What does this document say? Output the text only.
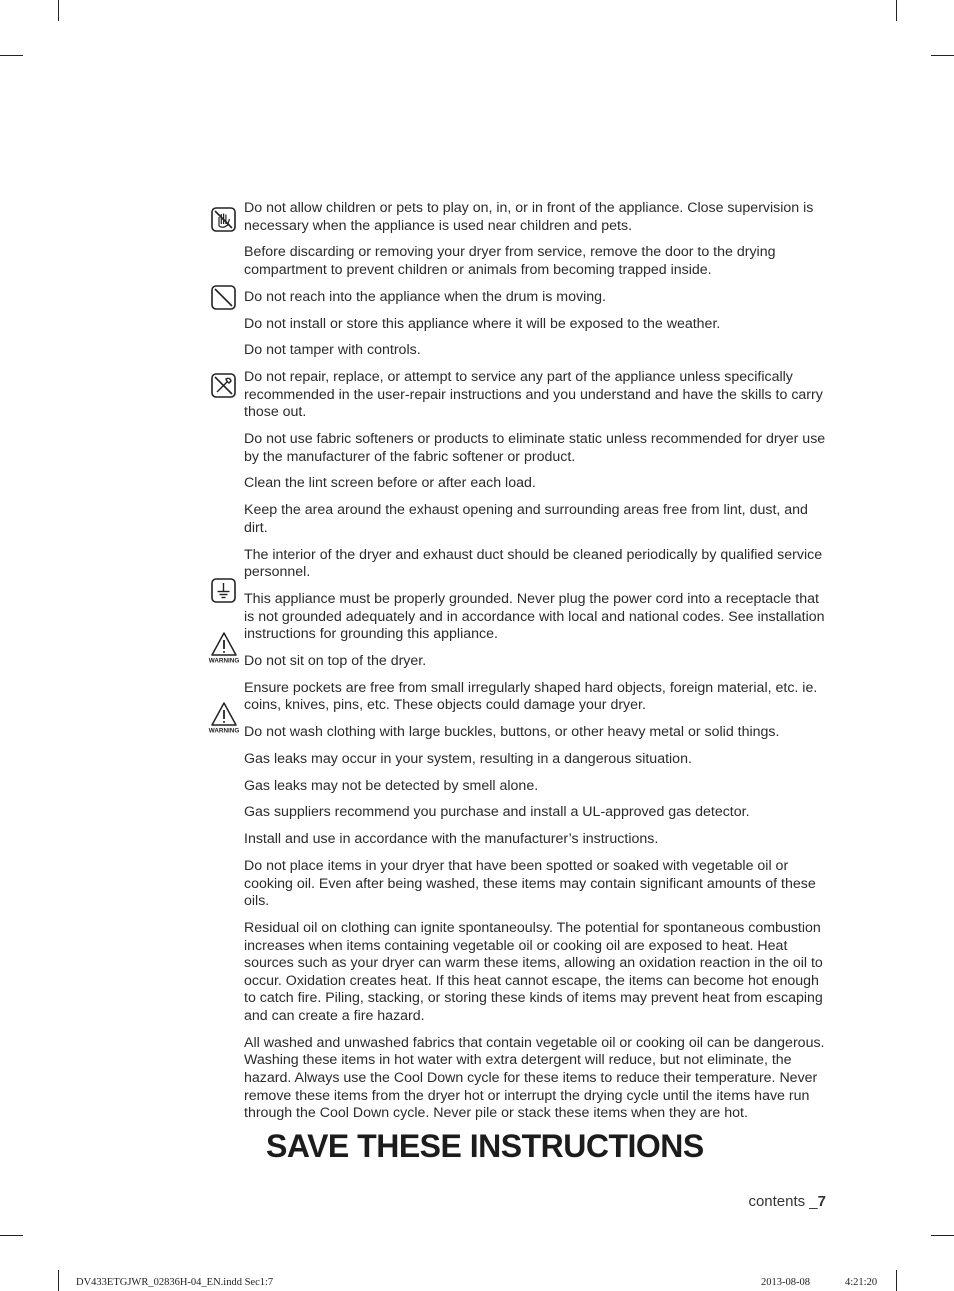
WARNING
WARNING

Do not allow children or pets to play on, in, or in front of the appliance. Close supervision is necessary when the appliance is used near children and pets.

Before discarding or removing your dryer from service, remove the door to the drying compartment to prevent children or animals from becoming trapped inside.

Do not reach into the appliance when the drum is moving.

Do not install or store this appliance where it will be exposed to the weather.

Do not tamper with controls.

Do not repair, replace, or attempt to service any part of the appliance unless specifically recommended in the user-repair instructions and you understand and have the skills to carry those out.

Do not use fabric softeners or products to eliminate static unless recommended for dryer use by the manufacturer of the fabric softener or product.

Clean the lint screen before or after each load.

Keep the area around the exhaust opening and surrounding areas free from lint, dust, and dirt.

The interior of the dryer and exhaust duct should be cleaned periodically by qualified service personnel.

This appliance must be properly grounded. Never plug the power cord into a receptacle that is not grounded adequately and in accordance with local and national codes. See installation instructions for grounding this appliance.

Do not sit on top of the dryer.

Ensure pockets are free from small irregularly shaped hard objects, foreign material, etc. ie. coins, knives, pins, etc. These objects could damage your dryer.

Do not wash clothing with large buckles, buttons, or other heavy metal or solid things.

Gas leaks may occur in your system, resulting in a dangerous situation.

Gas leaks may not be detected by smell alone.

Gas suppliers recommend you purchase and install a UL-approved gas detector.

Install and use in accordance with the manufacturer’s instructions.

Do not place items in your dryer that have been spotted or soaked with vegetable oil or cooking oil. Even after being washed, these items may contain significant amounts of these oils.

Residual oil on clothing can ignite spontaneoulsy. The potential for spontaneous combustion increases when items containing vegetable oil or cooking oil are exposed to heat. Heat sources such as your dryer can warm these items, allowing an oxidation reaction in the oil to occur. Oxidation creates heat. If this heat cannot escape, the items can become hot enough to catch fire. Piling, stacking, or storing these kinds of items may prevent heat from escaping and can create a fire hazard.

All washed and unwashed fabrics that contain vegetable oil or cooking oil can be dangerous. Washing these items in hot water with extra detergent will reduce, but not eliminate, the hazard. Always use the Cool Down cycle for these items to reduce their temperature. Never remove these items from the dryer hot or interrupt the drying cycle until the items have run through the Cool Down cycle. Never pile or stack these items when they are hot.

SAVE THESE INSTRUCTIONS
contents _7
DV433ETGJWR_02836H-04_EN.indd Sec1:7	2013-08-08	4:21:20
